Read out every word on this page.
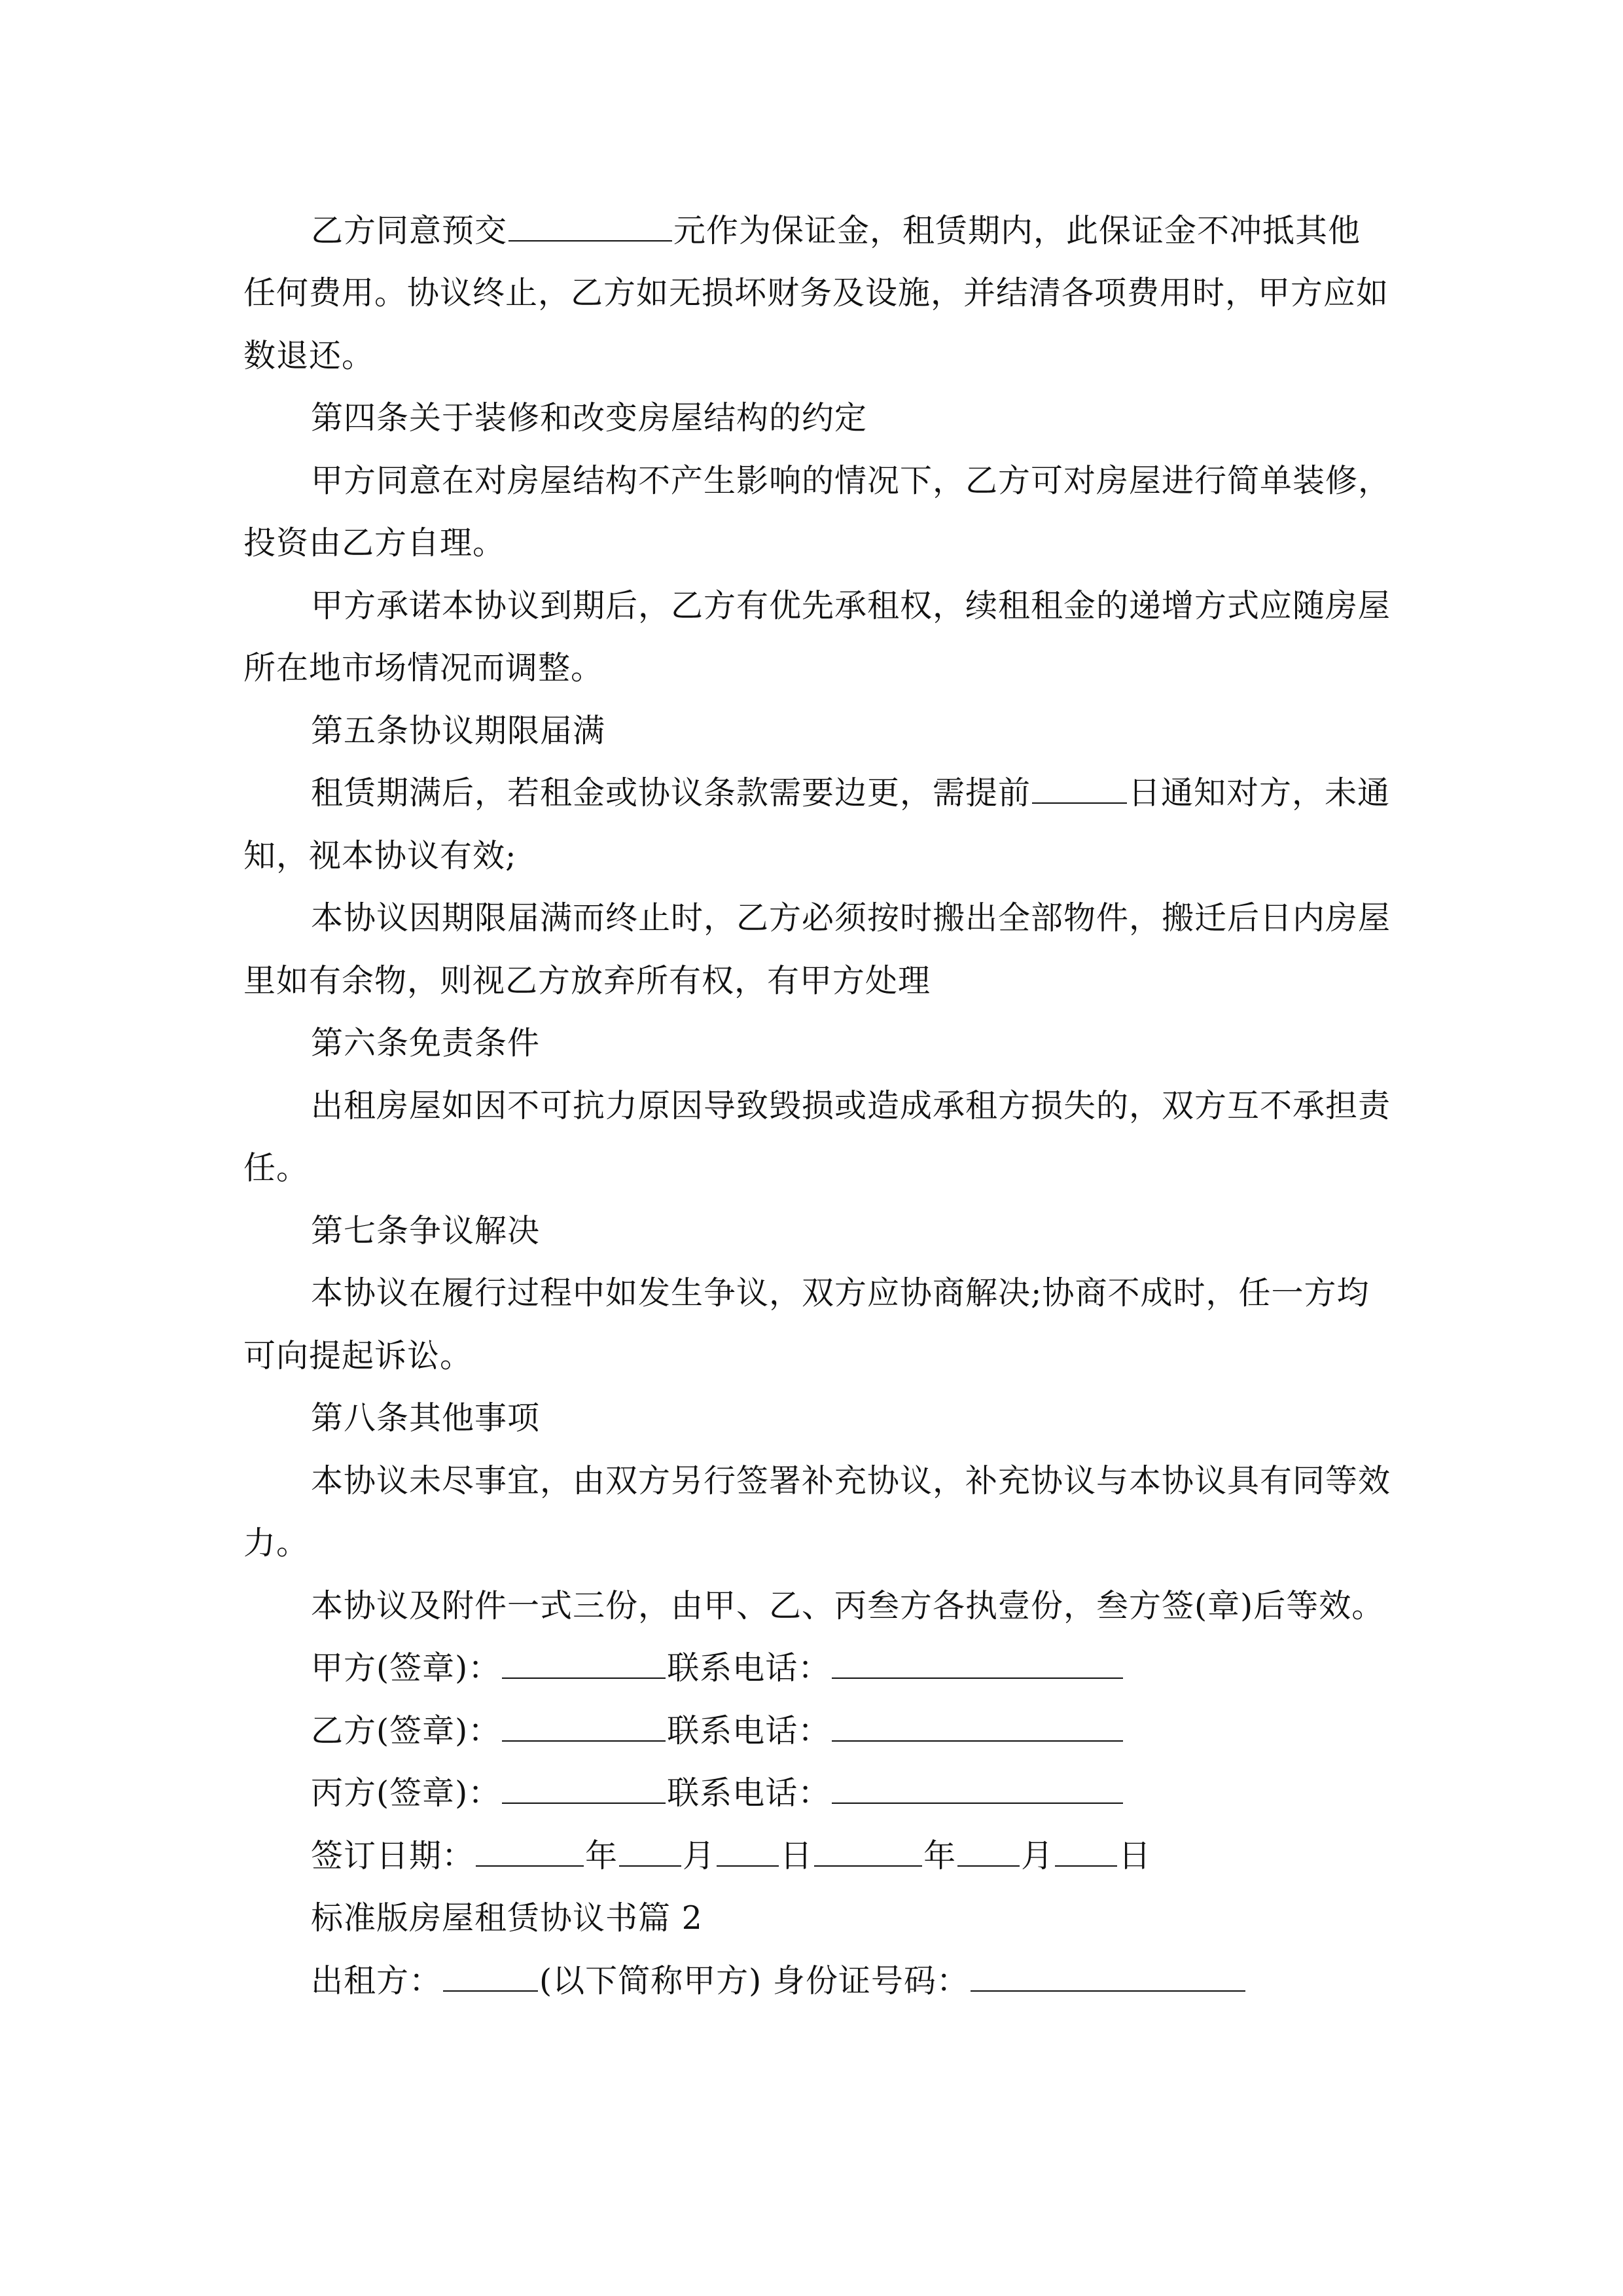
乙方同意预交	元作为保证金，租赁期内，此保证金不冲抵其他
任何费用。协议终止，乙方如无损坏财务及设施，并结清各项费用时，甲方应如
数退还。
第四条关于装修和改变房屋结构的约定
甲方同意在对房屋结构不产生影响的情况下，乙方可对房屋进行简单装修，
投资由乙方自理。
甲方承诺本协议到期后，乙方有优先承租权，续租租金的递增方式应随房屋
所在地市场情况而调整。
第五条协议期限届满
租赁期满后，若租金或协议条款需要边更，需提前	日通知对方，未通
知，视本协议有效;
本协议因期限届满而终止时，乙方必须按时搬出全部物件，搬迁后日内房屋
里如有余物，则视乙方放弃所有权，有甲方处理
第六条免责条件
出租房屋如因不可抗力原因导致毁损或造成承租方损失的，双方互不承担责
任。
第七条争议解决
本协议在履行过程中如发生争议，双方应协商解决;协商不成时，任一方均
可向提起诉讼。
第八条其他事项
本协议未尽事宜，由双方另行签署补充协议，补充协议与本协议具有同等效
力。
本协议及附件一式三份，由甲、乙、丙叁方各执壹份，叁方签(章)后等效。
甲方(签章)：	联系电话：
乙方(签章)：	联系电话：
丙方(签章)：	联系电话：
签订日期：	年 月 日	年 月 日
标准版房屋租赁协议书篇 2
出租方：	(以下简称甲方) 身份证号码：
